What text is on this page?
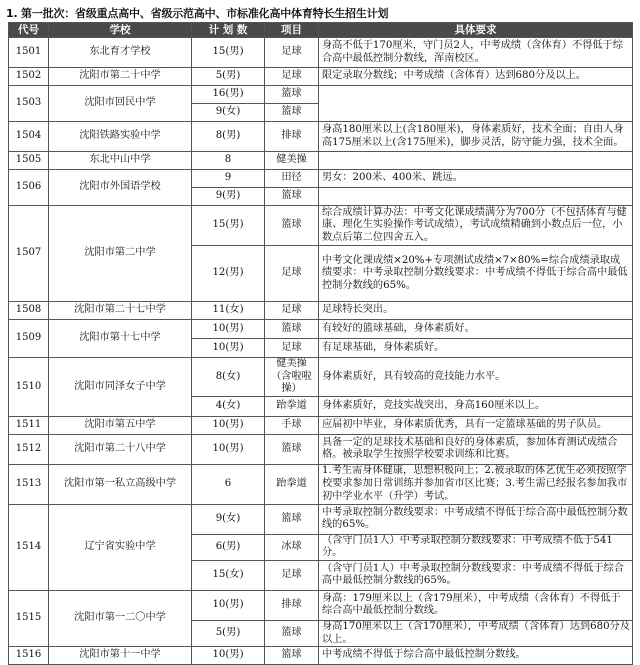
1. 第一批次：省级重点高中、省级示范高中、市标准化高中体育特长生招生计划
代号	学校	计 划 数	项目	具体要求
1501	东北育才学校	15(男)	足球	身高不低于170厘米，守门员2人，中考成绩（含体育）不得低于综合高中最低控制分数线，浑南校区。
1502	沈阳市第二十中学	5(男)	足球	限定录取分数线；中考成绩（含体育）达到680分及以上。
1503	沈阳市回民中学	16(男)	篮球	
		9(女)	篮球	
1504	沈阳铁路实验中学	8(男)	排球	身高180厘米以上(含180厘米)，身体素质好，技术全面；自由人身高175厘米以上(含175厘米)，脚步灵活，防守能力强，技术全面。
1505	东北中山中学	8	健美操	
1506	沈阳市外国语学校	9	田径	男女：200米、400米、跳远。
		9(男)	篮球	
1507	沈阳市第二中学	15(男)	篮球	综合成绩计算办法：中考文化课成绩满分为700分（不包括体育与健康、理化生实验操作考试成绩），考试成绩精确到小数点后一位，小数点后第二位四舍五入。
		12(男)	足球	中考文化课成绩×20%+专项测试成绩×7×80%=综合成绩录取成绩要求：中考录取控制分数线要求：中考成绩不得低于综合高中最低控制分数线的65%。
1508	沈阳市第二十七中学	11(女)	足球	足球特长突出。
1509	沈阳市第十七中学	10(男)	篮球	有较好的篮球基础，身体素质好。
		10(男)	足球	有足球基础，身体素质好。
1510	沈阳市同泽女子中学	8(女)	健美操（含啦啦操）	身体素质好，具有较高的竞技能力水平。
		4(女)	跆拳道	身体素质好，竞技实战突出，身高160厘米以上。
1511	沈阳市第五中学	10(男)	手球	应届初中毕业，身体素质优秀，具有一定篮球基础的男子队员。
1512	沈阳市第二十八中学	10(男)	篮球	具备一定的足球技术基础和良好的身体素质，参加体育测试成绩合格。被录取学生按照学校要求训练和比赛。
1513	沈阳市第一私立高级中学	6	跆拳道	1.考生需身体健康，思想积极向上；2.被录取的体艺优生必须按照学校要求参加日常训练并参加省市区比赛；3.考生需已经报名参加我市初中学业水平（升学）考试。
1514	辽宁省实验中学	9(女)	篮球	中考录取控制分数线要求：中考成绩不得低于综合高中最低控制分数线的65%。
		6(男)	冰球	（含守门员1人）中考录取控制分数线要求：中考成绩不低于541分。
		15(女)	足球	（含守门员1人）中考录取控制分数线要求：中考成绩不得低于综合高中最低控制分数线的65%。
1515	沈阳市第一二〇中学	10(男)	排球	身高：179厘米以上（含179厘米），中考成绩（含体育）不得低于综合高中最低控制分数线。
		5(男)	篮球	身高170厘米以上（含170厘米），中考成绩（含体育）达到680分及以上。
1516	沈阳市第十一中学	10(男)	篮球	中考成绩不得低于综合高中最低控制分数线。
